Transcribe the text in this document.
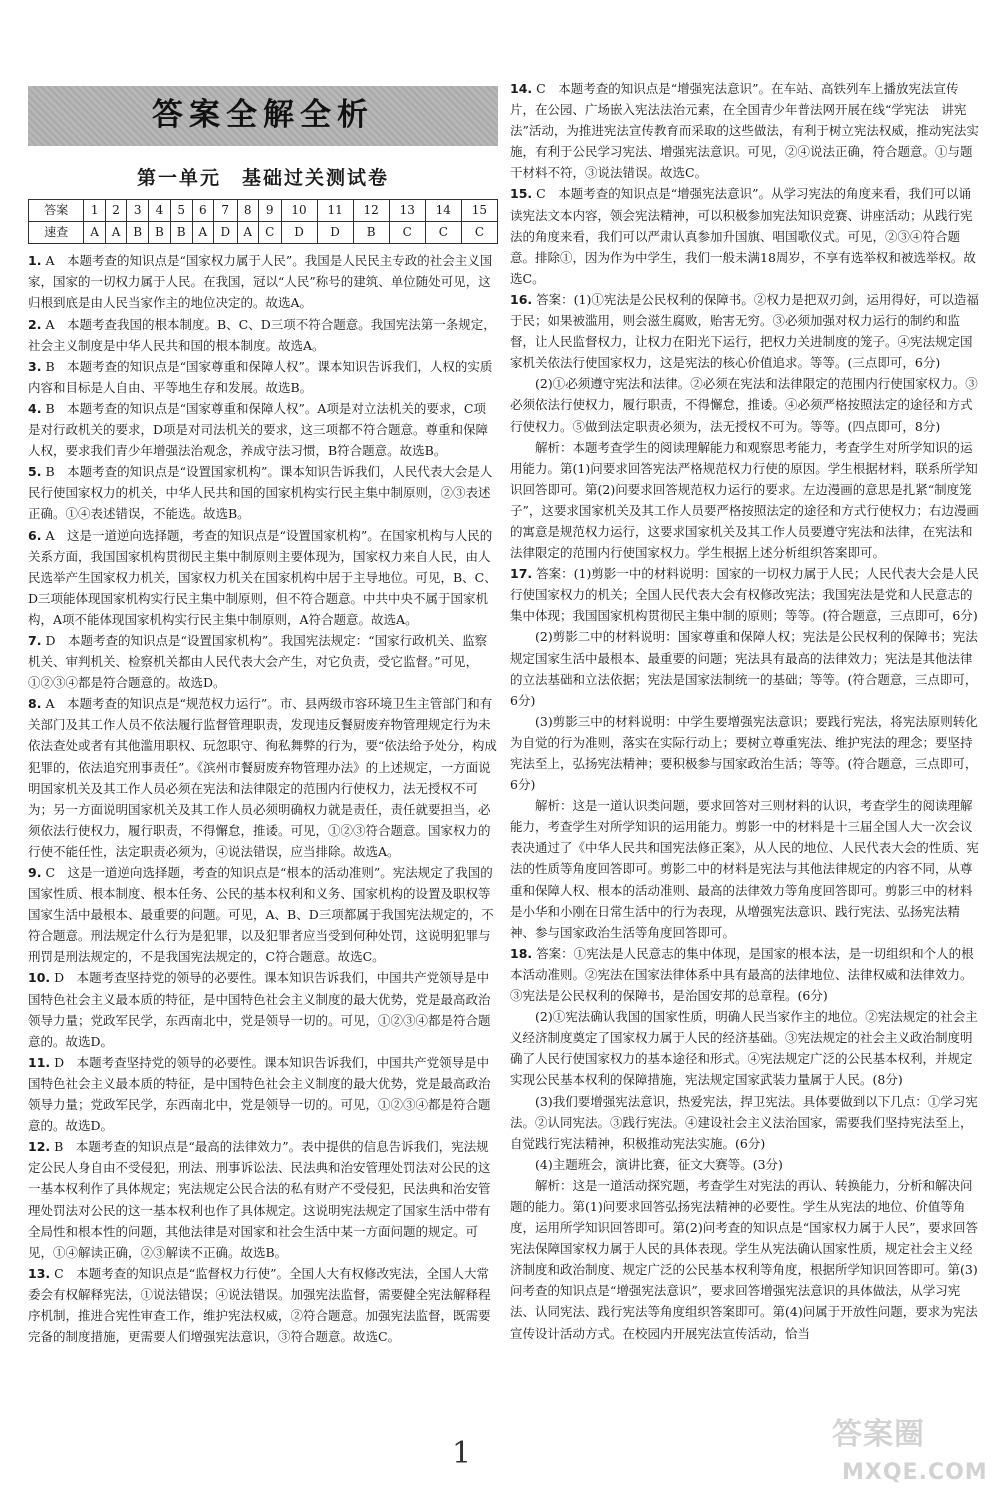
答案全解全析
第一单元　基础过关测试卷
答案	1	2	3	4	5	6	7	8	9	10	11	12	13	14	15
速查	A	A	B	B	B	A	D	A	C	D	D	B	C	C	C

1. A　本题考查的知识点是“国家权力属于人民”。我国是人民民主专政的社会主义国家，国家的一切权力属于人民。在我国，冠以“人民”称号的建筑、单位随处可见，这归根到底是由人民当家作主的地位决定的。故选A。

2. A　本题考查我国的根本制度。B、C、D三项不符合题意。我国宪法第一条规定，社会主义制度是中华人民共和国的根本制度。故选A。

3. B　本题考查的知识点是“国家尊重和保障人权”。课本知识告诉我们，人权的实质内容和目标是人自由、平等地生存和发展。故选B。

4. B　本题考查的知识点是“国家尊重和保障人权”。A项是对立法机关的要求，C项是对行政机关的要求，D项是对司法机关的要求，这三项都不符合题意。尊重和保障人权，要求我们青少年增强法治观念，养成守法习惯，B符合题意。故选B。

5. B　本题考查的知识点是“设置国家机构”。课本知识告诉我们，人民代表大会是人民行使国家权力的机关，中华人民共和国的国家机构实行民主集中制原则，②③表述正确。①④表述错误，不能选。故选B。

6. A　这是一道逆向选择题，考查的知识点是“设置国家机构”。在国家机构与人民的关系方面，我国国家机构贯彻民主集中制原则主要体现为，国家权力来自人民，由人民选举产生国家权力机关，国家权力机关在国家机构中居于主导地位。可见，B、C、D三项能体现国家机构实行民主集中制原则，但不符合题意。中共中央不属于国家机构，A项不能体现国家机构实行民主集中制原则，A符合题意。故选A。

7. D　本题考查的知识点是“设置国家机构”。我国宪法规定：“国家行政机关、监察机关、审判机关、检察机关都由人民代表大会产生，对它负责，受它监督。”可见，①②③④都是符合题意的。故选D。

8. A　本题考查的知识点是“规范权力运行”。市、县两级市容环境卫生主管部门和有关部门及其工作人员不依法履行监督管理职责，发现违反餐厨废弃物管理规定行为未依法查处或者有其他滥用职权、玩忽职守、徇私舞弊的行为，要“依法给予处分，构成犯罪的，依法追究刑事责任”。《滨州市餐厨废弃物管理办法》的上述规定，一方面说明国家机关及其工作人员必须在宪法和法律限定的范围内行使权力，法无授权不可为；另一方面说明国家机关及其工作人员必须明确权力就是责任，责任就要担当，必须依法行使权力，履行职责，不得懈怠，推诿。可见，①②③符合题意。国家权力的行使不能任性，法定职责必须为，④说法错误，应当排除。故选A。

9. C　这是一道逆向选择题，考查的知识点是“根本的活动准则”。宪法规定了我国的国家性质、根本制度、根本任务、公民的基本权利和义务、国家机构的设置及职权等国家生活中最根本、最重要的问题。可见，A、B、D三项都属于我国宪法规定的，不符合题意。刑法规定什么行为是犯罪，以及犯罪者应当受到何种处罚，这说明犯罪与刑罚是刑法规定的，不是我国宪法规定的，C符合题意。故选C。

10. D　本题考查坚持党的领导的必要性。课本知识告诉我们，中国共产党领导是中国特色社会主义最本质的特征，是中国特色社会主义制度的最大优势，党是最高政治领导力量；党政军民学，东西南北中，党是领导一切的。可见，①②③④都是符合题意的。故选D。

11. D　本题考查坚持党的领导的必要性。课本知识告诉我们，中国共产党领导是中国特色社会主义最本质的特征，是中国特色社会主义制度的最大优势，党是最高政治领导力量；党政军民学，东西南北中，党是领导一切的。可见，①②③④都是符合题意的。故选D。

12. B　本题考查的知识点是“最高的法律效力”。表中提供的信息告诉我们，宪法规定公民人身自由不受侵犯，刑法、刑事诉讼法、民法典和治安管理处罚法对公民的这一基本权利作了具体规定；宪法规定公民合法的私有财产不受侵犯，民法典和治安管理处罚法对公民的这一基本权利也作了具体规定。这说明宪法规定了国家生活中带有全局性和根本性的问题，其他法律是对国家和社会生活中某一方面问题的规定。可见，①④解读正确，②③解读不正确。故选B。

13. C　本题考查的知识点是“监督权力行使”。全国人大有权修改宪法，全国人大常委会有权解释宪法，①说法错误；④说法错误。加强宪法监督，需要健全宪法解释程序机制，推进合宪性审查工作，维护宪法权威，②符合题意。加强宪法监督，既需要完备的制度措施，更需要人们增强宪法意识，③符合题意。故选C。

14. C　本题考查的知识点是“增强宪法意识”。在车站、高铁列车上播放宪法宣传片，在公园、广场嵌入宪法法治元素，在全国青少年普法网开展在线“学宪法　讲宪法”活动，为推进宪法宣传教育而采取的这些做法，有利于树立宪法权威，推动宪法实施，有利于公民学习宪法、增强宪法意识。可见，②④说法正确，符合题意。①与题干材料不符，③说法错误。故选C。

15. C　本题考查的知识点是“增强宪法意识”。从学习宪法的角度来看，我们可以诵读宪法文本内容，领会宪法精神，可以积极参加宪法知识竞赛、讲座活动；从践行宪法的角度来看，我们可以严肃认真参加升国旗、唱国歌仪式。可见，②③④符合题意。排除①，因为作为中学生，我们一般未满18周岁，不享有选举权和被选举权。故选C。

16. 答案：(1)①宪法是公民权利的保障书。②权力是把双刃剑，运用得好，可以造福于民；如果被滥用，则会滋生腐败，贻害无穷。③必须加强对权力运行的制约和监督，让人民监督权力，让权力在阳光下运行，把权力关进制度的笼子。④宪法规定国家机关依法行使国家权力，这是宪法的核心价值追求。等等。(三点即可，6分)

(2)①必须遵守宪法和法律。②必须在宪法和法律限定的范围内行使国家权力。③必须依法行使权力，履行职责，不得懈怠，推诿。④必须严格按照法定的途径和方式行使权力。⑤做到法定职责必须为，法无授权不可为。等等。(四点即可，8分)

解析：本题考查学生的阅读理解能力和观察思考能力，考查学生对所学知识的运用能力。第(1)问要求回答宪法严格规范权力行使的原因。学生根据材料，联系所学知识回答即可。第(2)问要求回答规范权力运行的要求。左边漫画的意思是扎紧“制度笼子”，这要求国家机关及其工作人员要严格按照法定的途径和方式行使权力；右边漫画的寓意是规范权力运行，这要求国家机关及其工作人员要遵守宪法和法律，在宪法和法律限定的范围内行使国家权力。学生根据上述分析组织答案即可。

17. 答案：(1)剪影一中的材料说明：国家的一切权力属于人民；人民代表大会是人民行使国家权力的机关；全国人民代表大会有权修改宪法；我国宪法是党和人民意志的集中体现；我国国家机构贯彻民主集中制的原则；等等。(符合题意，三点即可，6分)

(2)剪影二中的材料说明：国家尊重和保障人权；宪法是公民权利的保障书；宪法规定国家生活中最根本、最重要的问题；宪法具有最高的法律效力；宪法是其他法律的立法基础和立法依据；宪法是国家法制统一的基础；等等。(符合题意，三点即可，6分)

(3)剪影三中的材料说明：中学生要增强宪法意识；要践行宪法，将宪法原则转化为自觉的行为准则，落实在实际行动上；要树立尊重宪法、维护宪法的理念；要坚持宪法至上，弘扬宪法精神；要积极参与国家政治生活；等等。(符合题意，三点即可，6分)

解析：这是一道认识类问题，要求回答对三则材料的认识，考查学生的阅读理解能力，考查学生对所学知识的运用能力。剪影一中的材料是十三届全国人大一次会议表决通过了《中华人民共和国宪法修正案》，从人民的地位、人民代表大会的性质、宪法的性质等角度回答即可。剪影二中的材料是宪法与其他法律规定的内容不同，从尊重和保障人权、根本的活动准则、最高的法律效力等角度回答即可。剪影三中的材料是小华和小刚在日常生活中的行为表现，从增强宪法意识、践行宪法、弘扬宪法精神、参与国家政治生活等角度回答即可。

18. 答案：①宪法是人民意志的集中体现，是国家的根本法，是一切组织和个人的根本活动准则。②宪法在国家法律体系中具有最高的法律地位、法律权威和法律效力。③宪法是公民权利的保障书，是治国安邦的总章程。(6分)

(2)①宪法确认我国的国家性质，明确人民当家作主的地位。②宪法规定的社会主义经济制度奠定了国家权力属于人民的经济基础。③宪法规定的社会主义政治制度明确了人民行使国家权力的基本途径和形式。④宪法规定广泛的公民基本权利，并规定实现公民基本权利的保障措施，宪法规定国家武装力量属于人民。(8分)

(3)我们要增强宪法意识，热爱宪法，捍卫宪法。具体要做到以下几点：①学习宪法。②认同宪法。③践行宪法。④建设社会主义法治国家，需要我们坚持宪法至上，自觉践行宪法精神，积极推动宪法实施。(6分)

(4)主题班会，演讲比赛，征文大赛等。(3分)

解析：这是一道活动探究题，考查学生对宪法的再认、转换能力，分析和解决问题的能力。第(1)问要求回答弘扬宪法精神的必要性。学生从宪法的地位、价值等角度，运用所学知识回答即可。第(2)问考查的知识点是“国家权力属于人民”，要求回答宪法保障国家权力属于人民的具体表现。学生从宪法确认国家性质，规定社会主义经济制度和政治制度、规定广泛的公民基本权利等角度，根据所学知识回答即可。第(3)问考查的知识点是“增强宪法意识”，要求回答增强宪法意识的具体做法，从学习宪法、认同宪法、践行宪法等角度组织答案即可。第(4)问属于开放性问题，要求为宪法宣传设计活动方式。在校园内开展宪法宣传活动，恰当

1
答案圈
MXQE.COM
